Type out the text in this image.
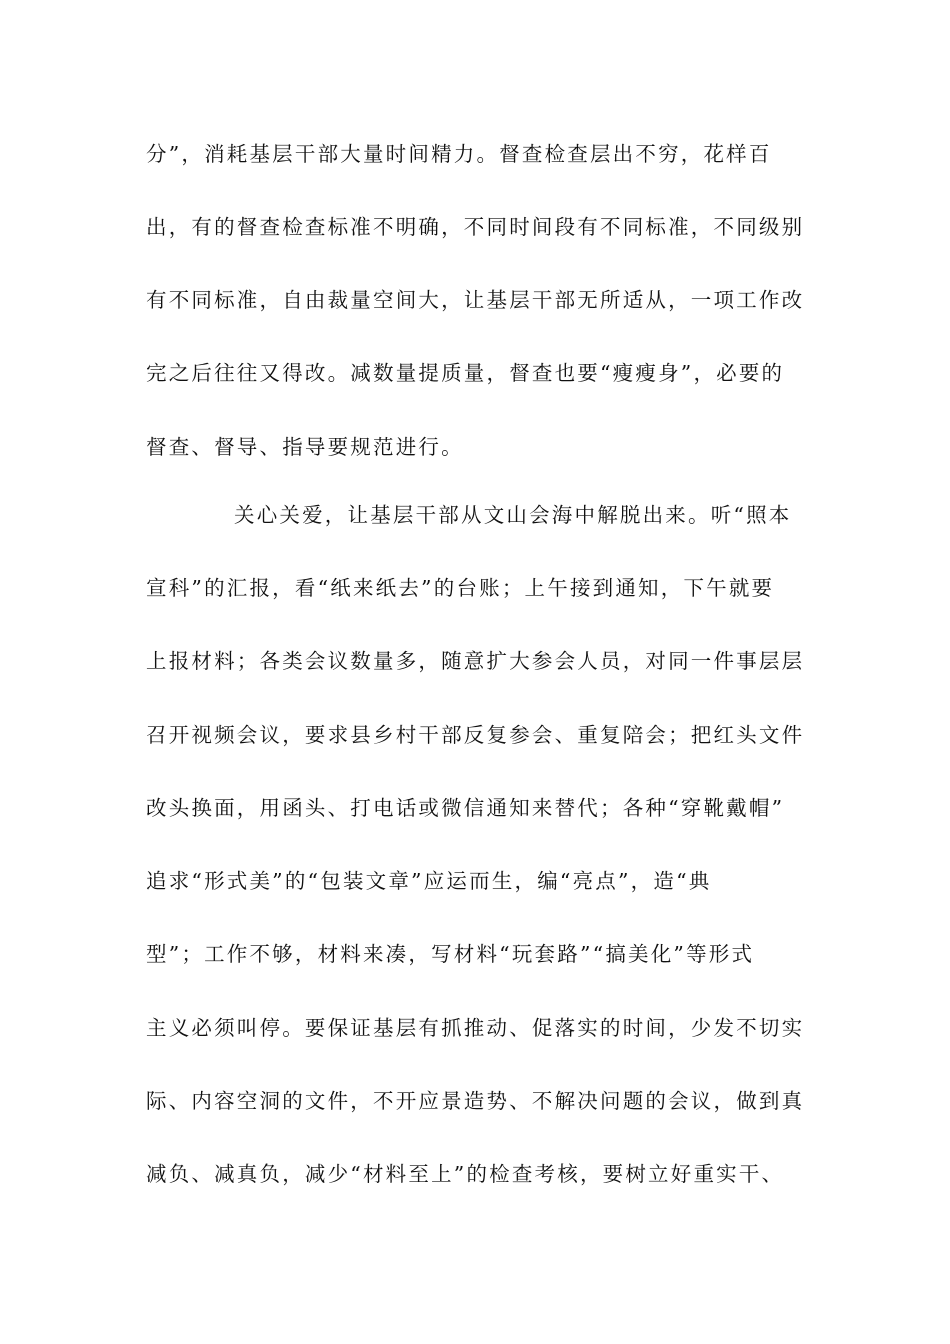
分”，消耗基层干部大量时间精力。督查检查层出不穷，花样百
出，有的督查检查标准不明确，不同时间段有不同标准，不同级别
有不同标准，自由裁量空间大，让基层干部无所适从，一项工作改
完之后往往又得改。减数量提质量，督查也要“瘦瘦身”，必要的
督查、督导、指导要规范进行。
关心关爱，让基层干部从文山会海中解脱出来。听“照本
宣科”的汇报，看“纸来纸去”的台账；上午接到通知，下午就要
上报材料；各类会议数量多，随意扩大参会人员，对同一件事层层
召开视频会议，要求县乡村干部反复参会、重复陪会；把红头文件
改头换面，用函头、打电话或微信通知来替代；各种“穿靴戴帽”
追求“形式美”的“包装文章”应运而生，编“亮点”，造“典
型”；工作不够，材料来凑，写材料“玩套路”“搞美化”等形式
主义必须叫停。要保证基层有抓推动、促落实的时间，少发不切实
际、内容空洞的文件，不开应景造势、不解决问题的会议，做到真
减负、减真负，减少“材料至上”的检查考核，要树立好重实干、
